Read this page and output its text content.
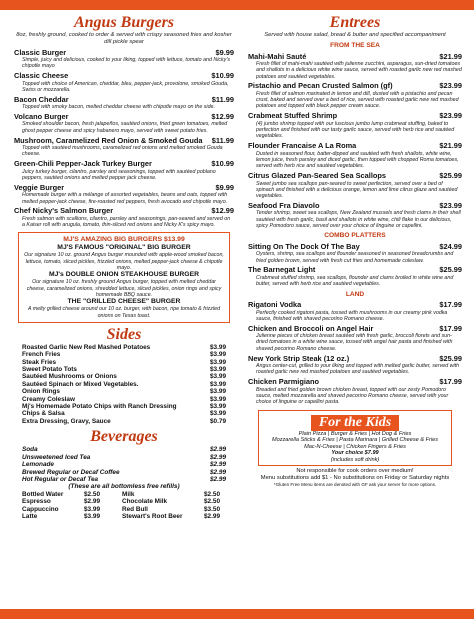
Angus Burgers
8oz, freshly ground, cooked to order & served with crispy seasoned fries and kosher dill pickle spear
Classic Burger	$9.99
Simple, juicy and delicious, cooked to your liking, topped with lettuce, tomato and Nicky's chipotle mayo
Classic Cheese	$10.99
Topped with choice of American, cheddar, bleu, pepper-jack, provolone, smoked Gouda, Swiss or mozzarella.
Bacon Cheddar	$11.99
Topped with smoky bacon, melted cheddar cheese with chipotle mayo on the side.
Volcano Burger	$12.99
Smoked shoulder bacon, fresh jalapeños, sautéed onions, fried green tomatoes, melted ghost pepper cheese and spicy habanero mayo, served with sweet potato fries.
Mushroom, Caramelized Red Onion & Smoked Gouda $11.99
Topped with sautéed mushrooms, caramelized red onions and melted smoked Gouda cheese.
Green-Chili Pepper-Jack Turkey Burger	$10.99
Juicy turkey burger, cilantro, parsley and seasonings, topped with sautéed poblano peppers, sautéed onions and melted pepper jack cheese.
Veggie Burger	$9.99
Homemade burger with a mélange of assorted vegetables, beans and oats, topped with melted pepper-jack cheese, fire-roasted red peppers, fresh avocado and chipotle mayo.
Chef Nicky's Salmon Burger	$12.99
Fresh salmon with scallions, cilantro, parsley and seasonings, pan-seared and served on a Kaiser roll with arugula, tomato, thin-sliced red onions and Nicky K's spicy mayo.
MJ'S AMAZING BIG BURGERS $13.99
MJ'S FAMOUS "ORIGINAL" BIG BURGER
Our signature 10 oz. ground Angus burger mounded with apple-wood smoked bacon, lettuce, tomato, sliced pickles, frizzled onions, melted pepper-jack cheese & chipotle mayo.
MJ's DOUBLE ONION STEAKHOUSE BURGER
Our signature 10 oz. freshly ground Angus burger, topped with melted cheddar cheese, caramelized onions, shredded lettuce, sliced pickles, onion rings and spicy homemade BBQ sauce.
THE "GRILLED CHEESE" BURGER
A melty grilled cheese around our 10 oz. burger, with bacon, ripe tomato & frizzled onions on Texas toast.
Sides
Roasted Garlic New Red Mashed Potatoes	$3.99
French Fries	$3.99
Steak Fries	$3.99
Sweet Potato Tots	$3.99
Sautéed Mushrooms or Onions	$3.99
Sautéed Spinach or Mixed Vegetables.	$3.99
Onion Rings	$3.99
Creamy Coleslaw	$3.99
Mj's Homemade Potato Chips with Ranch Dressing	$3.99
Chips & Salsa	$3.99
Extra Dressing, Gravy, Sauce	$0.79
Beverages
Soda	$2.99
Unsweetened Iced Tea	$2.99
Lemonade	$2.99
Brewed Regular or Decaf Coffee	$2.99
Hot Regular or Decaf Tea	$2.99
(These are all bottomless free refills)
Bottled Water	$2.50	Milk	$2.50
Espresso	$2.99	Chocolate Milk	$2.50
Cappuccino	$3.99	Red Bull	$3.50
Latte	$3.99	Stewart's Root Beer	$2.99
Entrees
Served with house salad, bread & butter and specified accompaniment
FROM THE SEA
Mahi-Mahi Sauté	$21.99
Fresh fillet of mahi-mahi sautéed with julienne zucchini, asparagus, sun-dried tomatoes and shallots in a delicious white wine sauce, served with roasted garlic new red mashed potatoes and sautéed vegetables.
Pistachio and Pecan Crusted Salmon (gf)	$23.99
Fresh fillet of salmon marinated in lemon and dill, dusted with a pistachio and pecan crust, baked and served over a bed of rice, served with roasted garlic new red mashed potatoes and topped with black pepper cream sauce.
Crabmeat Stuffed Shrimp	$23.99
(4) jumbo shrimp topped with our luscious jumbo lump crabmeat stuffing, baked to perfection and finished with our tasty garlic sauce, served with herb rice and sautéed vegetables.
Flounder Francaise A La Roma	$21.99
Dusted in seasoned flour, batter-dipped and sautéed with fresh shallots, white wine, lemon juice, fresh parsley and diced garlic, then topped with chopped Roma tomatoes, served with herb rice and sautéed vegetables.
Citrus Glazed Pan-Seared Sea Scallops	$25.99
Sweet jumbo sea scallops pan-seared to sweet perfection, served over a bed of spinach and finished with a delicious orange, lemon and lime citrus glaze and sautéed vegetables.
Seafood Fra Diavolo	$23.99
Tender shrimp, sweet sea scallops, New Zealand mussels and fresh clams in their shell sautéed with fresh garlic, basil and shallots in white wine, chili flake in our delicious, spicy Pomodoro sauce, served over your choice of linguine or capellini.
COMBO PLATTERS
Sitting On The Dock Of The Bay	$24.99
Oysters, shrimp, sea scallops and flounder seasoned in seasoned breadcrumbs and fried golden brown, served with fresh cut fries and homemade coleslaw.
The Barnegat Light	$25.99
Crabmeat stuffed shrimp, sea scallops, flounder and clams broiled in white wine and butter, served with herb rice and sautéed vegetables.
LAND
Rigatoni Vodka	$17.99
Perfectly cooked rigatoni pasta, tossed with mushrooms in our creamy pink vodka sauce, finished with shaved pecorino Romano cheese.
Chicken and Broccoli on Angel Hair	$17.99
Julienne pieces of chicken breast sautéed with fresh garlic, broccoli florets and sun-dried tomatoes in a white wine sauce, tossed with angel hair pasta and finished with shaved pecorino Romano cheese.
New York Strip Steak (12 oz.)	$25.99
Angus center-cut, grilled to your liking and topped with melted garlic butter, served with roasted garlic new red mashed potatoes and sautéed vegetables.
Chicken Parmigiano	$17.99
Breaded and fried golden brown chicken breast, topped with our zesty Pomodoro sauce, melted mozzarella and shaved pecorino Romano cheese, served with your choice of linguine or capellini pasta.
For the Kids
Plain Pizza | Burger & Fries | Hot Dog & Fries
Mozzarella Sticks & Fries | Pasta Marinara | Grilled Cheese & Fries
Mac-N-Cheese | Chicken Fingers & Fries
Your choice $7.99
(includes soft drink)
Not responsible for cook orders over medium!
Menu substitutions add $1 - No substitutions on Friday or Saturday nights
*Gluten Free Menu items are denoted with GF ask your server for more options.
